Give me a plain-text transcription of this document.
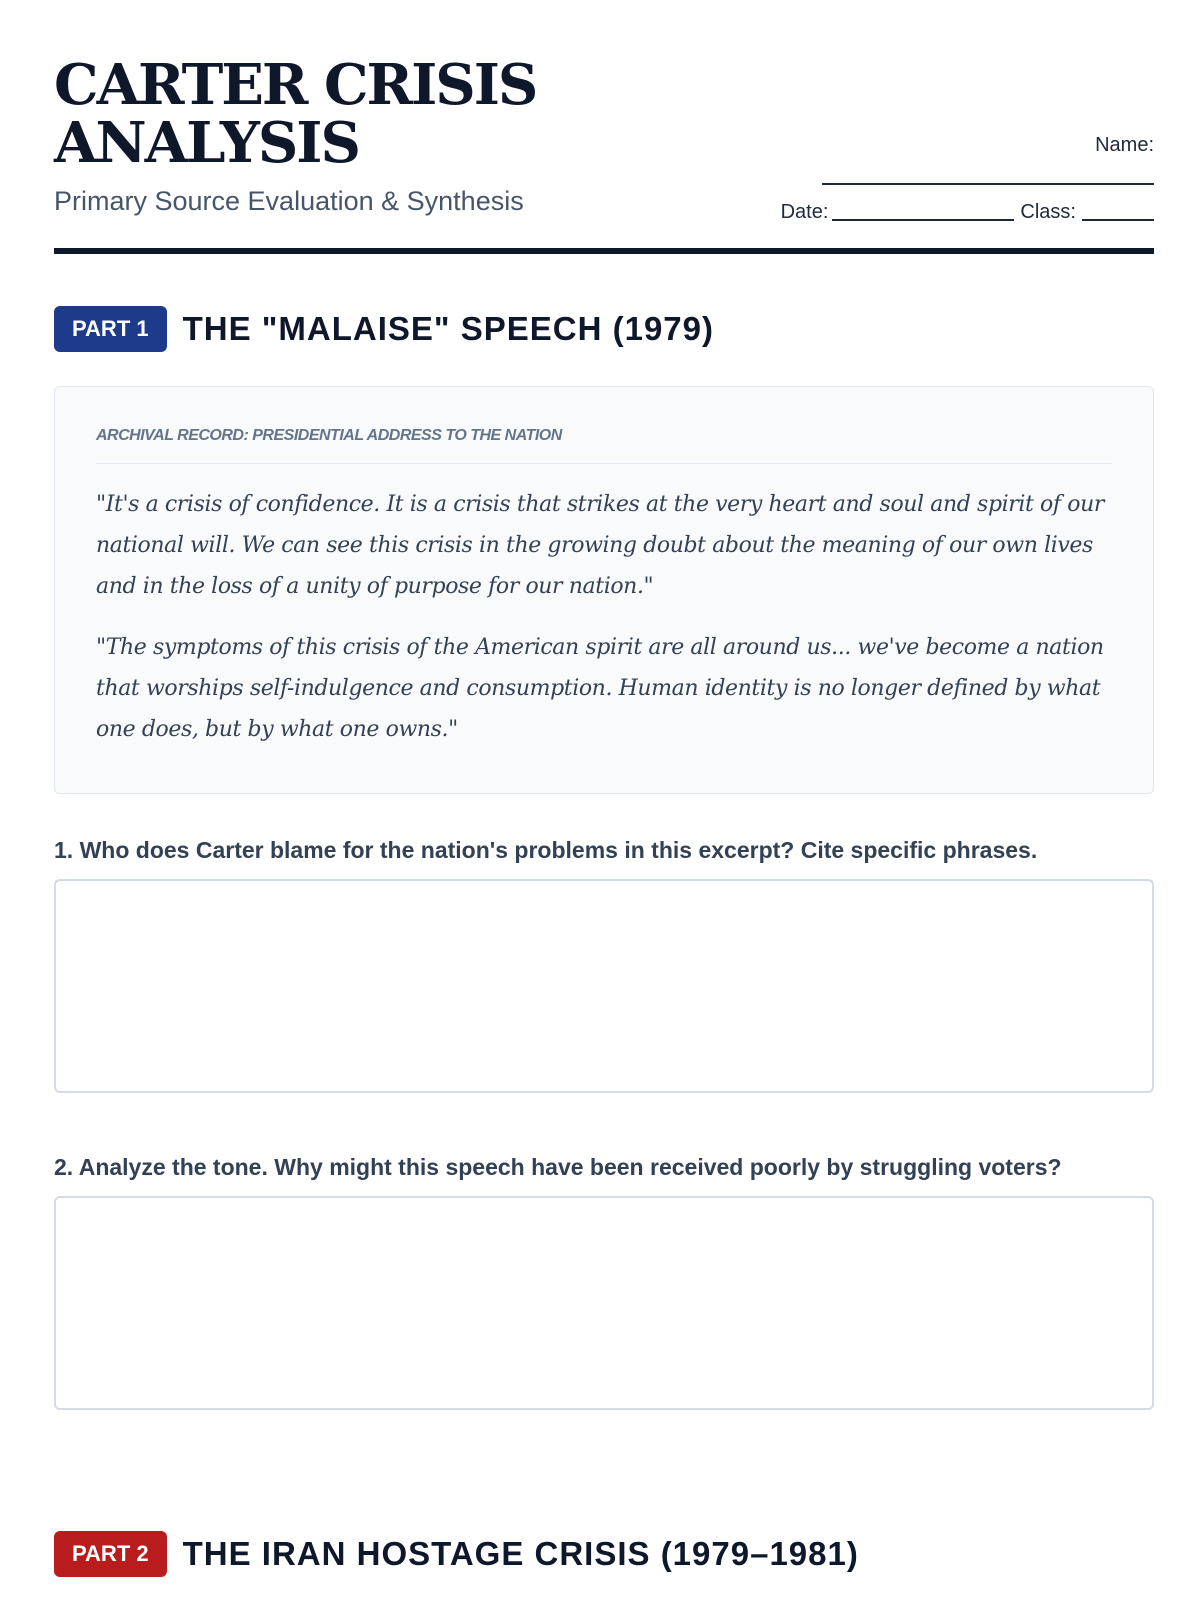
CARTER CRISIS ANALYSIS
Primary Source Evaluation & Synthesis
Name:
Date:	Class:
PART 1	THE "MALAISE" SPEECH (1979)
ARCHIVAL RECORD: PRESIDENTIAL ADDRESS TO THE NATION

"It's a crisis of confidence. It is a crisis that strikes at the very heart and soul and spirit of our national will. We can see this crisis in the growing doubt about the meaning of our own lives and in the loss of a unity of purpose for our nation."

"The symptoms of this crisis of the American spirit are all around us... we've become a nation that worships self-indulgence and consumption. Human identity is no longer defined by what one does, but by what one owns."

1. Who does Carter blame for the nation's problems in this excerpt? Cite specific phrases.
2. Analyze the tone. Why might this speech have been received poorly by struggling voters?
PART 2	THE IRAN HOSTAGE CRISIS (1979–1981)
